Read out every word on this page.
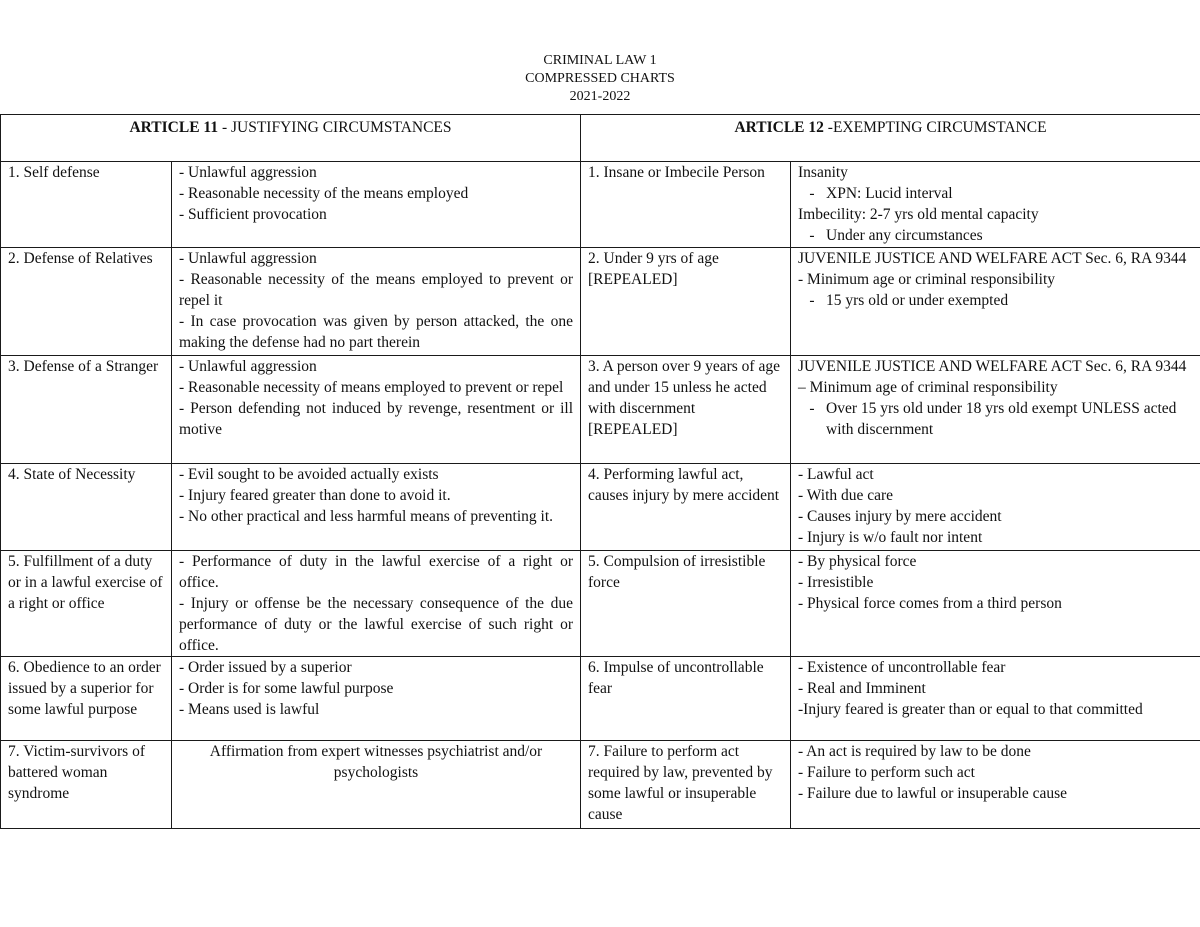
CRIMINAL LAW 1
COMPRESSED CHARTS
2021-2022
ARTICLE 11 - JUSTIFYING CIRCUMSTANCES		ARTICLE 12 -EXEMPTING CIRCUMSTANCE	
1. Self defense	- Unlawful aggression
- Reasonable necessity of the means employed
- Sufficient provocation	1. Insane or Imbecile Person	Insanity
- XPN: Lucid interval
Imbecility: 2-7 yrs old mental capacity
- Under any circumstances

2. Defense of Relatives	- Unlawful aggression
- Reasonable necessity of the means employed to prevent or repel it
- In case provocation was given by person attacked, the one making the defense had no part therein	2. Under 9 yrs of age [REPEALED]	JUVENILE JUSTICE AND WELFARE ACT Sec. 6, RA 9344 - Minimum age or criminal responsibility
- 15 yrs old or under exempted

3. Defense of a Stranger	- Unlawful aggression
- Reasonable necessity of means employed to prevent or repel
- Person defending not induced by revenge, resentment or ill motive	3. A person over 9 years of age and under 15 unless he acted with discernment [REPEALED]	JUVENILE JUSTICE AND WELFARE ACT Sec. 6, RA 9344 – Minimum age of criminal responsibility
- Over 15 yrs old under 18 yrs old exempt UNLESS acted with discernment

4. State of Necessity	- Evil sought to be avoided actually exists
- Injury feared greater than done to avoid it.
- No other practical and less harmful means of preventing it.	4. Performing lawful act, causes injury by mere accident	- Lawful act
- With due care
- Causes injury by mere accident
- Injury is w/o fault nor intent

5. Fulfillment of a duty or in a lawful exercise of a right or office	- Performance of duty in the lawful exercise of a right or office.
- Injury or offense be the necessary consequence of the due performance of duty or the lawful exercise of such right or office.	5. Compulsion of irresistible force	- By physical force
- Irresistible
- Physical force comes from a third person

6. Obedience to an order issued by a superior for some lawful purpose	- Order issued by a superior
- Order is for some lawful purpose
- Means used is lawful	6. Impulse of uncontrollable fear	- Existence of uncontrollable fear
- Real and Imminent
-Injury feared is greater than or equal to that committed

7. Victim-survivors of battered woman syndrome	Affirmation from expert witnesses psychiatrist and/or psychologists	7. Failure to perform act required by law, prevented by some lawful or insuperable cause	- An act is required by law to be done
- Failure to perform such act
- Failure due to lawful or insuperable cause
